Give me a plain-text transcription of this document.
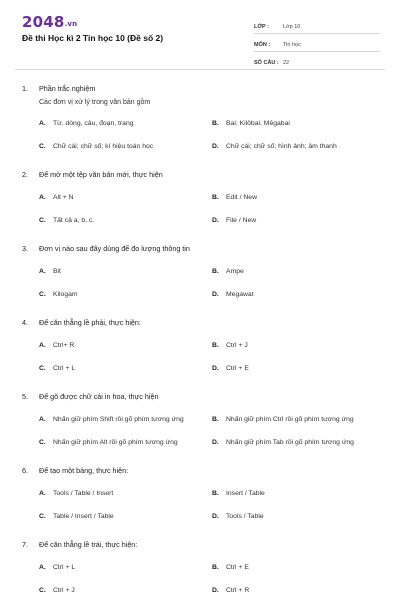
2048.vn
Đề thi Học kì 2 Tin học 10 (Đề số 2)
LỚP :	Lớp 10
MÔN :	Tin học
SỐ CÂU : 22
1.	Phần trắc nghiệm
Các đơn vị xử lý trong văn bản gồm
A.	Từ, dòng, câu, đoạn, trang	B.	Bai; Kilôbai; Mêgabai
C.	Chữ cái; chữ số; kí hiệu toán học	D.	Chữ cái; chữ số; hình ảnh; âm thanh
2.	Để mở một tệp văn bản mới, thực hiện
A.	Alt + N	B.	Edit / New
C.	Tất cả a, b, c.	D.	File / New
3.	Đơn vị nào sau đây dùng để đo lượng thông tin
A.	Bit	B.	Ampe
C.	Kilogam	D.	Megawat
4.	Để căn thẳng lề phải, thực hiện:
A.	Ctrl+ R	B.	Ctrl + J
C.	Ctrl + L	D.	Ctrl + E
5.	Để gõ được chữ cái in hoa, thực hiện
A.	Nhấn giữ phím Shift rồi gõ phím tương ứng	B.	Nhấn giữ phím Ctrl rồi gõ phím tương ứng
C.	Nhấn giữ phím Alt rồi gõ phím tương ứng	D.	Nhấn giữ phím Tab rồi gõ phím tương ứng
6.	Để tạo một bảng, thực hiện:
A.	Tools / Table / Insert	B.	Insert / Table
C.	Table / Insert / Table	D.	Tools / Table
7.	Để căn thẳng lề trái, thực hiện:
A.	Ctrl + L	B.	Ctrl + E
C.	Ctrl + J	D.	Ctrl + R
